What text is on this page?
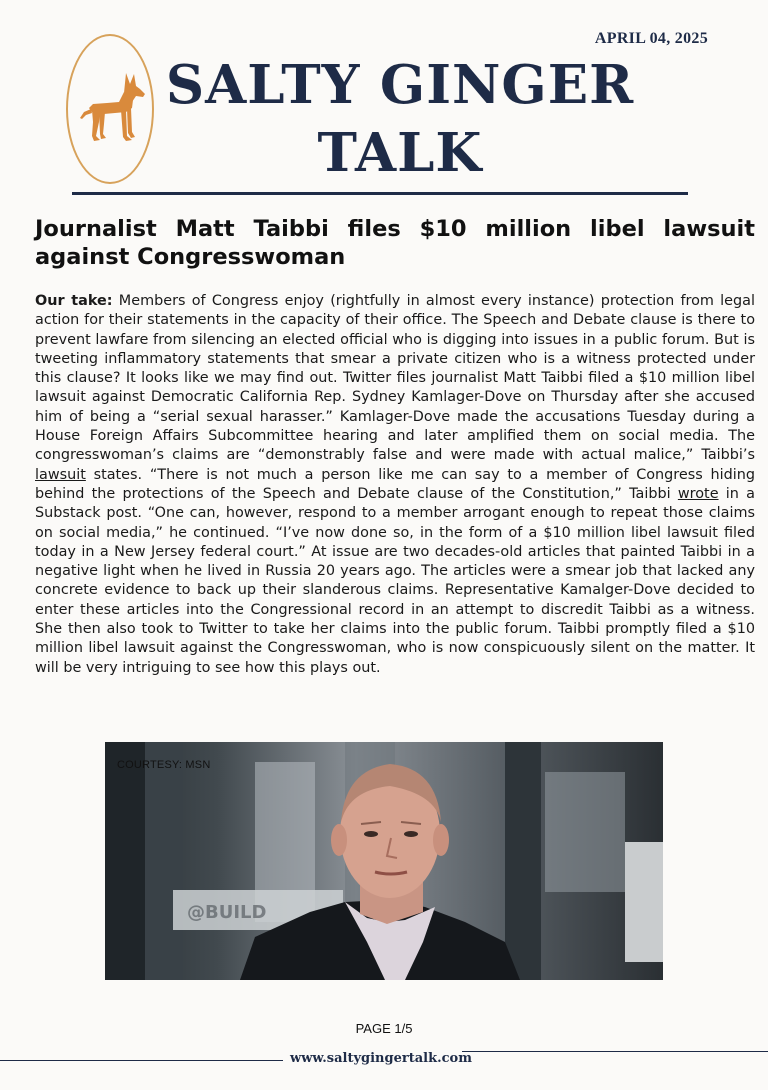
APRIL 04, 2025
SALTY GINGER
TALK
Journalist Matt Taibbi files $10 million libel lawsuit against Congresswoman
Our take: Members of Congress enjoy (rightfully in almost every instance) protection from legal action for their statements in the capacity of their office. The Speech and Debate clause is there to prevent lawfare from silencing an elected official who is digging into issues in a public forum. But is tweeting inflammatory statements that smear a private citizen who is a witness protected under this clause? It looks like we may find out. Twitter files journalist Matt Taibbi filed a $10 million libel lawsuit against Democratic California Rep. Sydney Kamlager-Dove on Thursday after she accused him of being a “serial sexual harasser.” Kamlager-Dove made the accusations Tuesday during a House Foreign Affairs Subcommittee hearing and later amplified them on social media. The congresswoman’s claims are “demonstrably false and were made with actual malice,” Taibbi’s lawsuit states. “There is not much a person like me can say to a member of Congress hiding behind the protections of the Speech and Debate clause of the Constitution,” Taibbi wrote in a Substack post. “One can, however, respond to a member arrogant enough to repeat those claims on social media,” he continued. “I’ve now done so, in the form of a $10 million libel lawsuit filed today in a New Jersey federal court.” At issue are two decades-old articles that painted Taibbi in a negative light when he lived in Russia 20 years ago. The articles were a smear job that lacked any concrete evidence to back up their slanderous claims. Representative Kamalger-Dove decided to enter these articles into the Congressional record in an attempt to discredit Taibbi as a witness. She then also took to Twitter to take her claims into the public forum. Taibbi promptly filed a $10 million libel lawsuit against the Congresswoman, who is now conspicuously silent on the matter. It will be very intriguing to see how this plays out.
@BUILD
COURTESY: MSN
PAGE 1/5
www.saltygingertalk.com
